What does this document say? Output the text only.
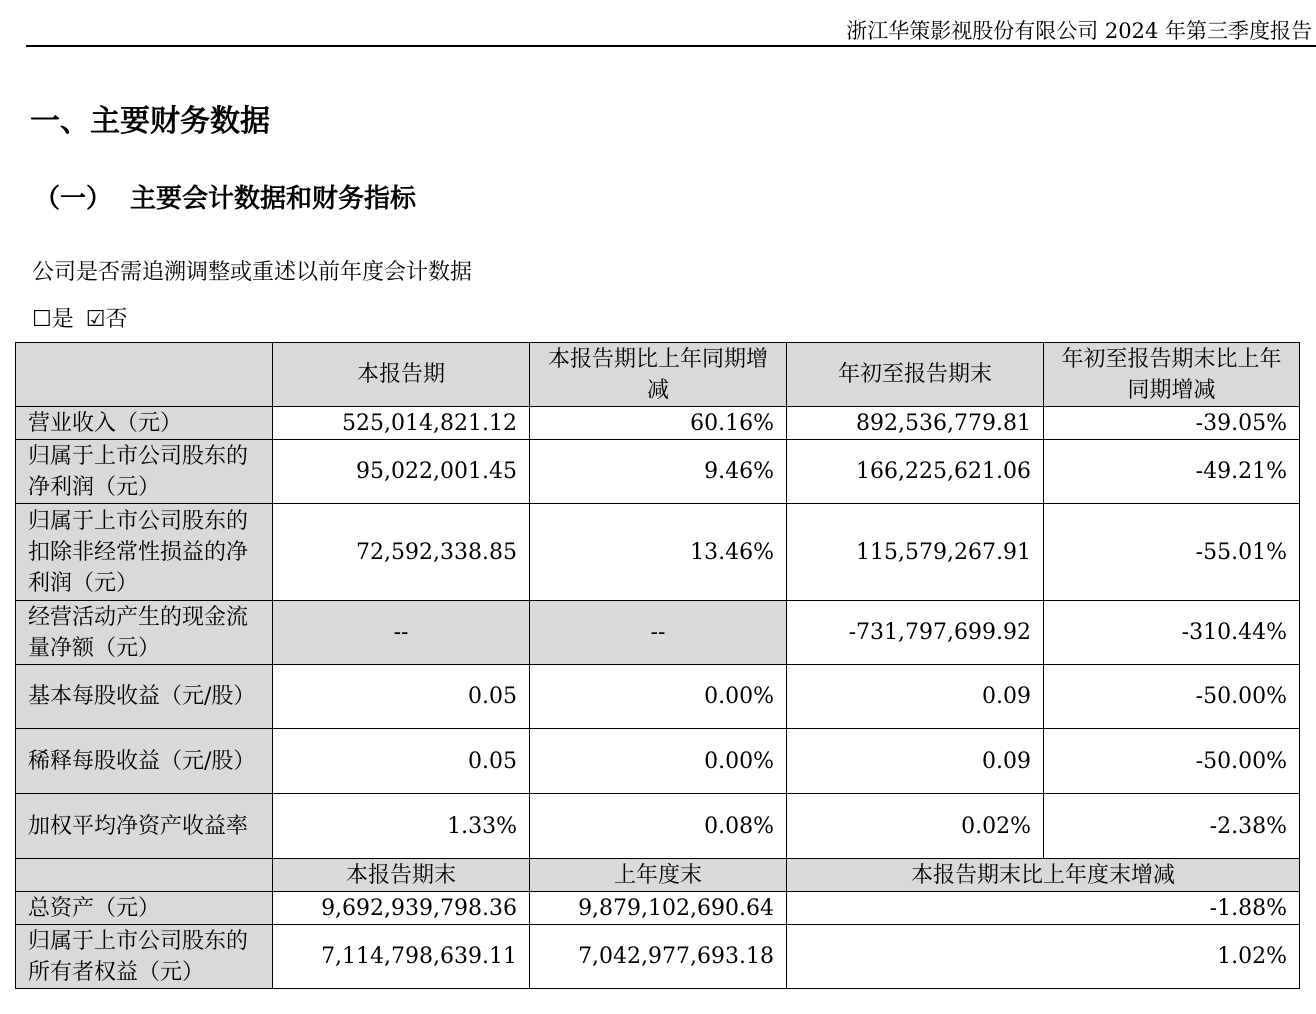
浙江华策影视股份有限公司 2024 年第三季度报告
一、主要财务数据
（一） 主要会计数据和财务指标
公司是否需追溯调整或重述以前年度会计数据
☐是 ☑否
	本报告期	本报告期比上年同期增减	年初至报告期末	年初至报告期末比上年同期增减
营业收入（元）	525,014,821.12	60.16%	892,536,779.81	-39.05%
归属于上市公司股东的净利润（元）	95,022,001.45	9.46%	166,225,621.06	-49.21%
归属于上市公司股东的扣除非经常性损益的净利润（元）	72,592,338.85	13.46%	115,579,267.91	-55.01%
经营活动产生的现金流量净额（元）	--	--	-731,797,699.92	-310.44%
基本每股收益（元/股）	0.05	0.00%	0.09	-50.00%
稀释每股收益（元/股）	0.05	0.00%	0.09	-50.00%
加权平均净资产收益率	1.33%	0.08%	0.02%	-2.38%
	本报告期末	上年度末	本报告期末比上年度末增减	
总资产（元）	9,692,939,798.36	9,879,102,690.64	-1.88%	
归属于上市公司股东的所有者权益（元）	7,114,798,639.11	7,042,977,693.18	1.02%	
